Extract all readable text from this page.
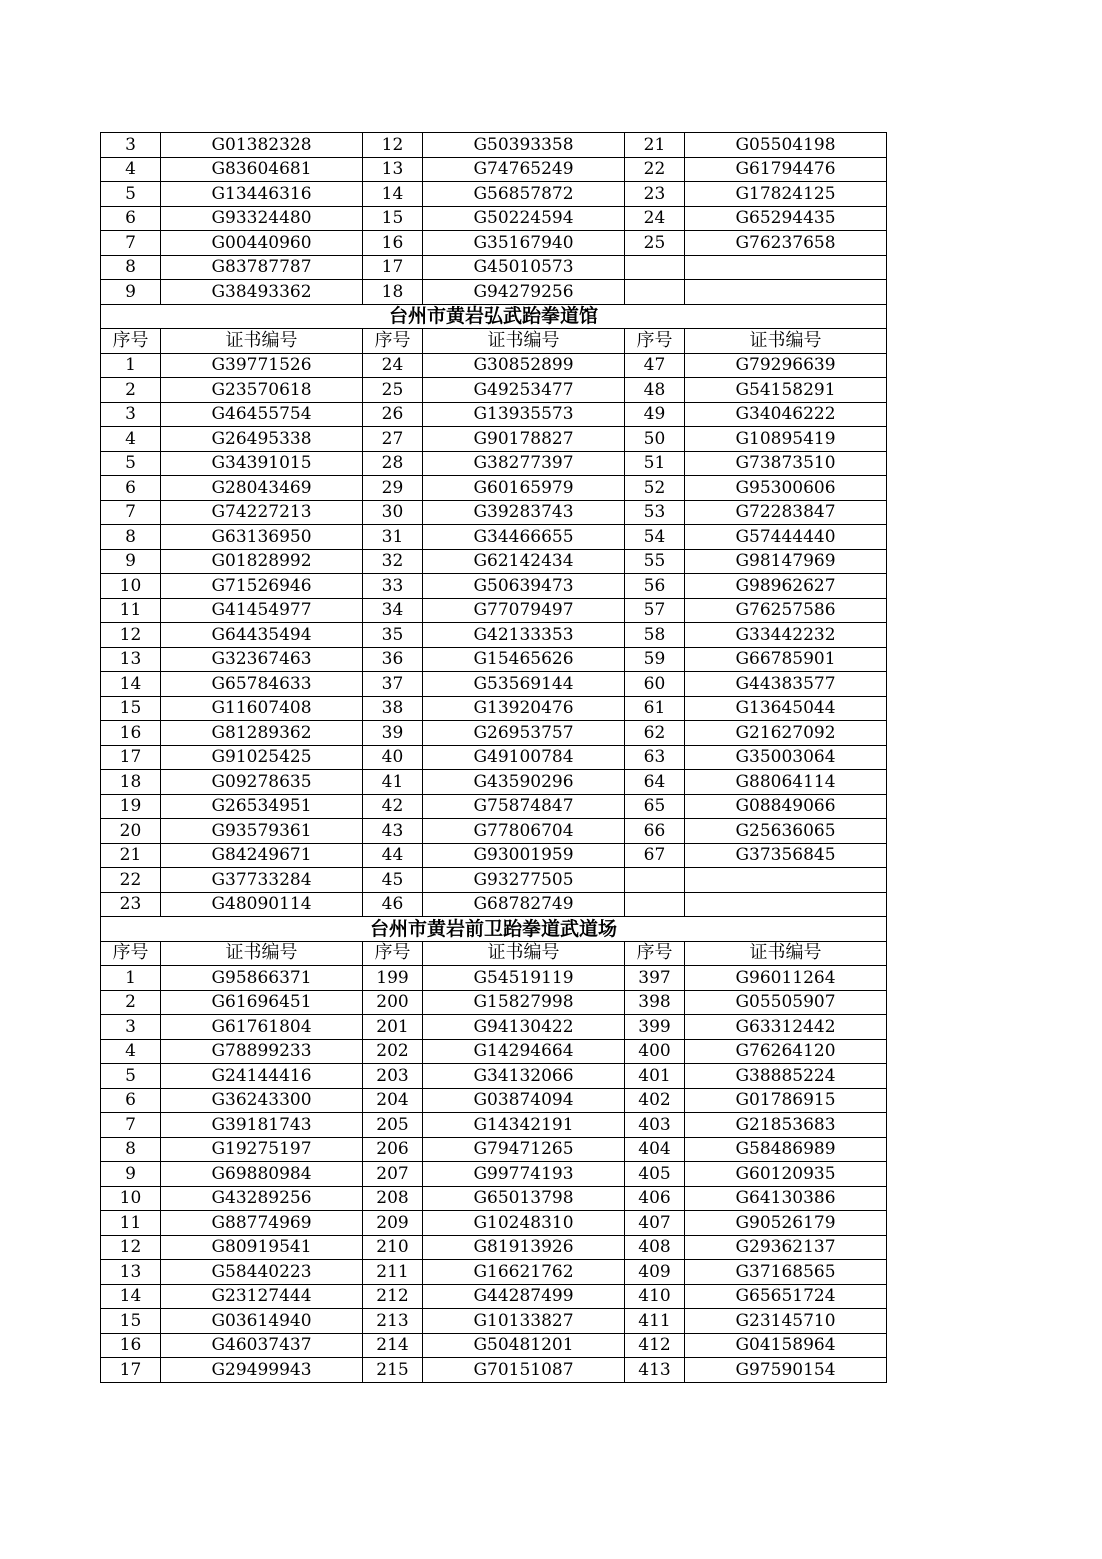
3	G01382328	12	G50393358	21	G05504198
4	G83604681	13	G74765249	22	G61794476
5	G13446316	14	G56857872	23	G17824125
6	G93324480	15	G50224594	24	G65294435
7	G00440960	16	G35167940	25	G76237658
8	G83787787	17	G45010573		
9	G38493362	18	G94279256		
台州市黄岩弘武跆拳道馆					
序号	证书编号	序号	证书编号	序号	证书编号
1	G39771526	24	G30852899	47	G79296639
2	G23570618	25	G49253477	48	G54158291
3	G46455754	26	G13935573	49	G34046222
4	G26495338	27	G90178827	50	G10895419
5	G34391015	28	G38277397	51	G73873510
6	G28043469	29	G60165979	52	G95300606
7	G74227213	30	G39283743	53	G72283847
8	G63136950	31	G34466655	54	G57444440
9	G01828992	32	G62142434	55	G98147969
10	G71526946	33	G50639473	56	G98962627
11	G41454977	34	G77079497	57	G76257586
12	G64435494	35	G42133353	58	G33442232
13	G32367463	36	G15465626	59	G66785901
14	G65784633	37	G53569144	60	G44383577
15	G11607408	38	G13920476	61	G13645044
16	G81289362	39	G26953757	62	G21627092
17	G91025425	40	G49100784	63	G35003064
18	G09278635	41	G43590296	64	G88064114
19	G26534951	42	G75874847	65	G08849066
20	G93579361	43	G77806704	66	G25636065
21	G84249671	44	G93001959	67	G37356845
22	G37733284	45	G93277505		
23	G48090114	46	G68782749		
台州市黄岩前卫跆拳道武道场					
序号	证书编号	序号	证书编号	序号	证书编号
1	G95866371	199	G54519119	397	G96011264
2	G61696451	200	G15827998	398	G05505907
3	G61761804	201	G94130422	399	G63312442
4	G78899233	202	G14294664	400	G76264120
5	G24144416	203	G34132066	401	G38885224
6	G36243300	204	G03874094	402	G01786915
7	G39181743	205	G14342191	403	G21853683
8	G19275197	206	G79471265	404	G58486989
9	G69880984	207	G99774193	405	G60120935
10	G43289256	208	G65013798	406	G64130386
11	G88774969	209	G10248310	407	G90526179
12	G80919541	210	G81913926	408	G29362137
13	G58440223	211	G16621762	409	G37168565
14	G23127444	212	G44287499	410	G65651724
15	G03614940	213	G10133827	411	G23145710
16	G46037437	214	G50481201	412	G04158964
17	G29499943	215	G70151087	413	G97590154
